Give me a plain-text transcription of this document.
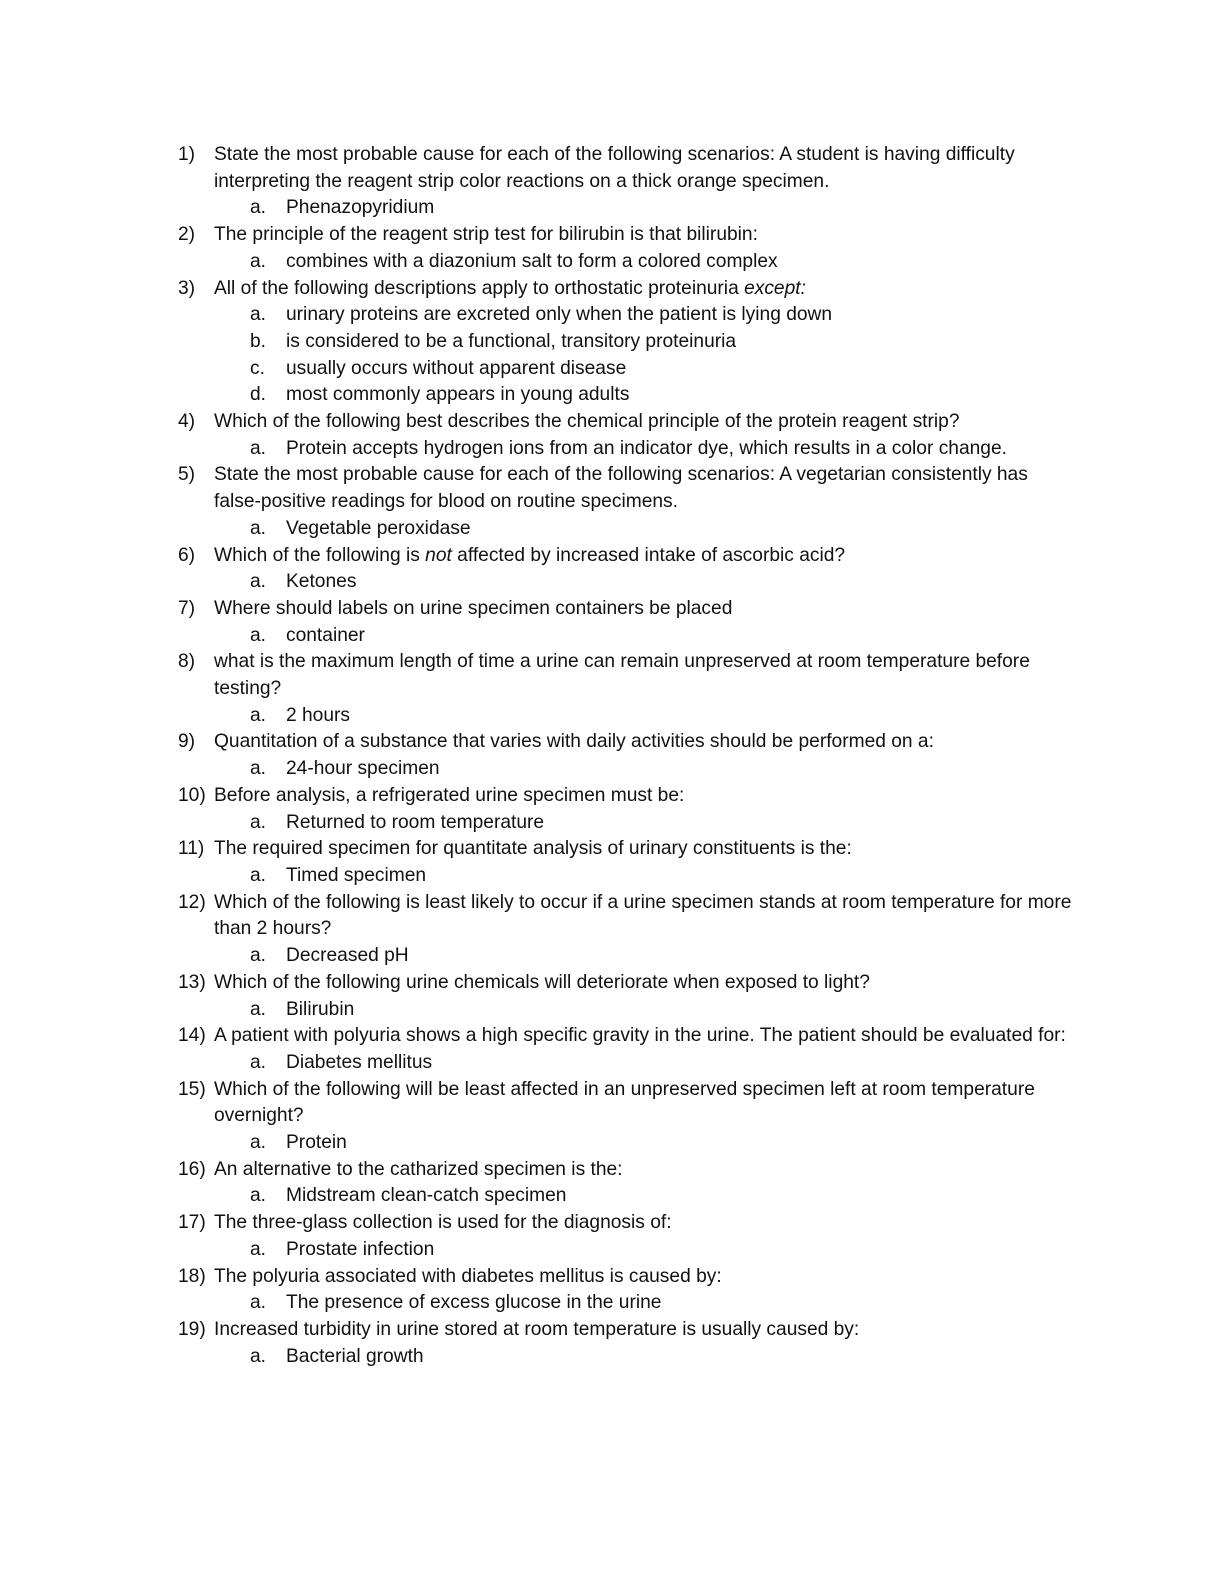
1) State the most probable cause for each of the following scenarios: A student is having difficulty interpreting the reagent strip color reactions on a thick orange specimen.
a. Phenazopyridium
2) The principle of the reagent strip test for bilirubin is that bilirubin:
a. combines with a diazonium salt to form a colored complex
3) All of the following descriptions apply to orthostatic proteinuria except:
a. urinary proteins are excreted only when the patient is lying down
b. is considered to be a functional, transitory proteinuria
c. usually occurs without apparent disease
d. most commonly appears in young adults
4) Which of the following best describes the chemical principle of the protein reagent strip?
a. Protein accepts hydrogen ions from an indicator dye, which results in a color change.
5) State the most probable cause for each of the following scenarios: A vegetarian consistently has false-positive readings for blood on routine specimens.
a. Vegetable peroxidase
6) Which of the following is not affected by increased intake of ascorbic acid?
a. Ketones
7) Where should labels on urine specimen containers be placed
a. container
8) what is the maximum length of time a urine can remain unpreserved at room temperature before testing?
a. 2 hours
9) Quantitation of a substance that varies with daily activities should be performed on a:
a. 24-hour specimen
10) Before analysis, a refrigerated urine specimen must be:
a. Returned to room temperature
11) The required specimen for quantitate analysis of urinary constituents is the:
a. Timed specimen
12) Which of the following is least likely to occur if a urine specimen stands at room temperature for more than 2 hours?
a. Decreased pH
13) Which of the following urine chemicals will deteriorate when exposed to light?
a. Bilirubin
14) A patient with polyuria shows a high specific gravity in the urine. The patient should be evaluated for:
a. Diabetes mellitus
15) Which of the following will be least affected in an unpreserved specimen left at room temperature overnight?
a. Protein
16) An alternative to the catharized specimen is the:
a. Midstream clean-catch specimen
17) The three-glass collection is used for the diagnosis of:
a. Prostate infection
18) The polyuria associated with diabetes mellitus is caused by:
a. The presence of excess glucose in the urine
19) Increased turbidity in urine stored at room temperature is usually caused by:
a. Bacterial growth
